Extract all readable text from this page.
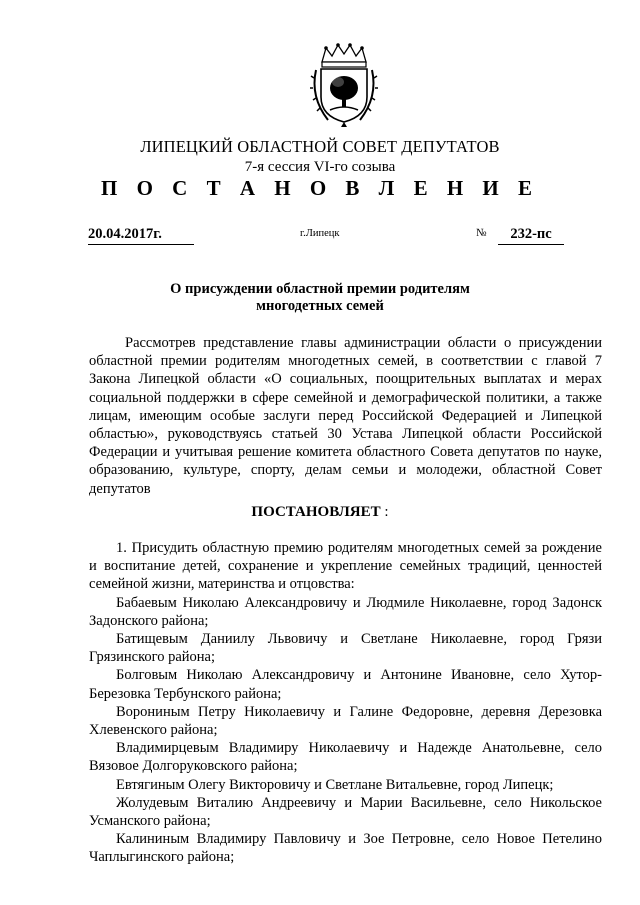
ЛИПЕЦКИЙ ОБЛАСТНОЙ СОВЕТ ДЕПУТАТОВ
7-я сессия VI-го созыва
П О С Т А Н О В Л Е Н И Е
20.04.2017г.	г.Липецк	№	232-пс
О присуждении областной премии родителям
многодетных семей

Рассмотрев представление главы администрации области о присуждении областной премии родителям многодетных семей, в соответствии с главой 7 Закона Липецкой области «О социальных, поощрительных выплатах и мерах социальной поддержки в сфере семейной и демографической политики, а также лицам, имеющим особые заслуги перед Российской Федерацией и Липецкой областью», руководствуясь статьей 30 Устава Липецкой области Российской Федерации и учитывая решение комитета областного Совета депутатов по науке, образованию, культуре, спорту, делам семьи и молодежи, областной Совет депутатов

ПОСТАНОВЛЯЕТ :

1. Присудить областную премию родителям многодетных семей за рождение и воспитание детей, сохранение и укрепление семейных традиций, ценностей семейной жизни, материнства и отцовства:

Бабаевым Николаю Александровичу и Людмиле Николаевне, город Задонск Задонского района;

Батищевым Даниилу Львовичу и Светлане Николаевне, город Грязи Грязинского района;

Болговым Николаю Александровичу и Антонине Ивановне, село Хутор-Березовка Тербунского района;

Ворониным Петру Николаевичу и Галине Федоровне, деревня Дерезовка Хлевенского района;

Владимирцевым Владимиру Николаевичу и Надежде Анатольевне, село Вязовое Долгоруковского района;

Евтягиным Олегу Викторовичу и Светлане Витальевне, город Липецк;

Жолудевым Виталию Андреевичу и Марии Васильевне, село Никольское Усманского района;

Калининым Владимиру Павловичу и Зое Петровне, село Новое Петелино Чаплыгинского района;
